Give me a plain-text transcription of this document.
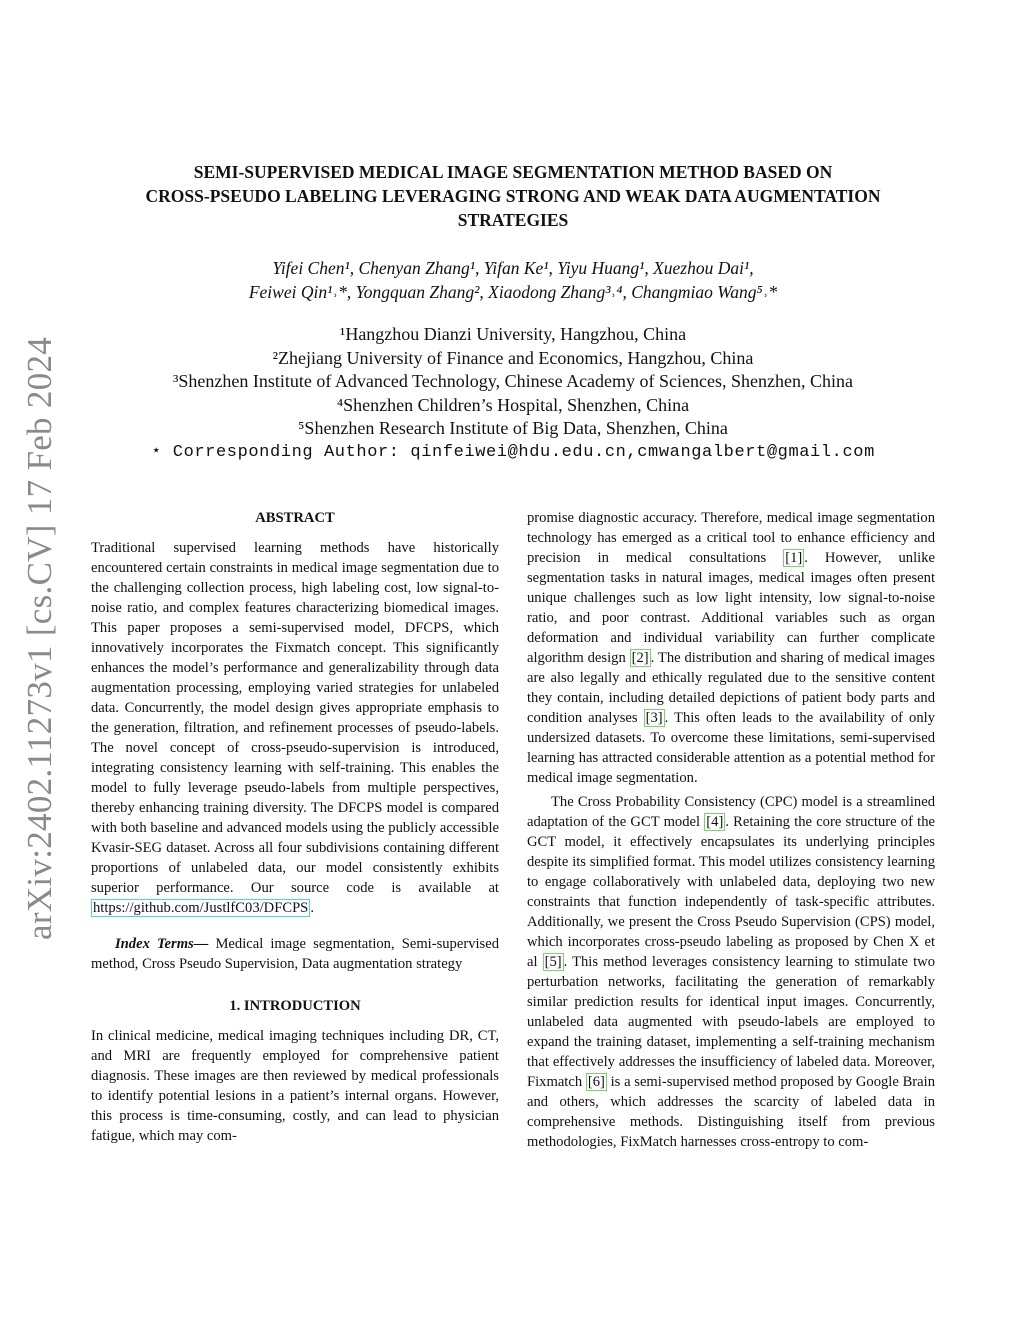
arXiv:2402.11273v1 [cs.CV] 17 Feb 2024
SEMI-SUPERVISED MEDICAL IMAGE SEGMENTATION METHOD BASED ON
CROSS-PSEUDO LABELING LEVERAGING STRONG AND WEAK DATA AUGMENTATION
STRATEGIES
Yifei Chen¹, Chenyan Zhang¹, Yifan Ke¹, Yiyu Huang¹, Xuezhou Dai¹,
Feiwei Qin¹˒*, Yongquan Zhang², Xiaodong Zhang³˒⁴, Changmiao Wang⁵˒*
¹Hangzhou Dianzi University, Hangzhou, China
²Zhejiang University of Finance and Economics, Hangzhou, China
³Shenzhen Institute of Advanced Technology, Chinese Academy of Sciences, Shenzhen, China
⁴Shenzhen Children’s Hospital, Shenzhen, China
⁵Shenzhen Research Institute of Big Data, Shenzhen, China
⋆ Corresponding Author: qinfeiwei@hdu.edu.cn,cmwangalbert@gmail.com
ABSTRACT

Traditional supervised learning methods have historically encountered certain constraints in medical image segmentation due to the challenging collection process, high labeling cost, low signal-to-noise ratio, and complex features characterizing biomedical images. This paper proposes a semi-supervised model, DFCPS, which innovatively incorporates the Fixmatch concept. This significantly enhances the model’s performance and generalizability through data augmentation processing, employing varied strategies for unlabeled data. Concurrently, the model design gives appropriate emphasis to the generation, filtration, and refinement processes of pseudo-labels. The novel concept of cross-pseudo-supervision is introduced, integrating consistency learning with self-training. This enables the model to fully leverage pseudo-labels from multiple perspectives, thereby enhancing training diversity. The DFCPS model is compared with both baseline and advanced models using the publicly accessible Kvasir-SEG dataset. Across all four subdivisions containing different proportions of unlabeled data, our model consistently exhibits superior performance. Our source code is available at https://github.com/JustlfC03/DFCPS .

Index Terms— Medical image segmentation, Semi-supervised method, Cross Pseudo Supervision, Data augmentation strategy

1. INTRODUCTION

In clinical medicine, medical imaging techniques including DR, CT, and MRI are frequently employed for comprehensive patient diagnosis. These images are then reviewed by medical professionals to identify potential lesions in a patient’s internal organs. However, this process is time-consuming, costly, and can lead to physician fatigue, which may com-

promise diagnostic accuracy. Therefore, medical image segmentation technology has emerged as a critical tool to enhance efficiency and precision in medical consultations [1] . However, unlike segmentation tasks in natural images, medical images often present unique challenges such as low light intensity, low signal-to-noise ratio, and poor contrast. Additional variables such as organ deformation and individual variability can further complicate algorithm design [2] . The distribution and sharing of medical images are also legally and ethically regulated due to the sensitive content they contain, including detailed depictions of patient body parts and condition analyses [3] . This often leads to the availability of only undersized datasets. To overcome these limitations, semi-supervised learning has attracted considerable attention as a potential method for medical image segmentation.

The Cross Probability Consistency (CPC) model is a streamlined adaptation of the GCT model [4] . Retaining the core structure of the GCT model, it effectively encapsulates its underlying principles despite its simplified format. This model utilizes consistency learning to engage collaboratively with unlabeled data, deploying two new constraints that function independently of task-specific attributes. Additionally, we present the Cross Pseudo Supervision (CPS) model, which incorporates cross-pseudo labeling as proposed by Chen X et al [5] . This method leverages consistency learning to stimulate two perturbation networks, facilitating the generation of remarkably similar prediction results for identical input images. Concurrently, unlabeled data augmented with pseudo-labels are employed to expand the training dataset, implementing a self-training mechanism that effectively addresses the insufficiency of labeled data. Moreover, Fixmatch [6] is a semi-supervised method proposed by Google Brain and others, which addresses the scarcity of labeled data in comprehensive methods. Distinguishing itself from previous methodologies, FixMatch harnesses cross-entropy to com-
